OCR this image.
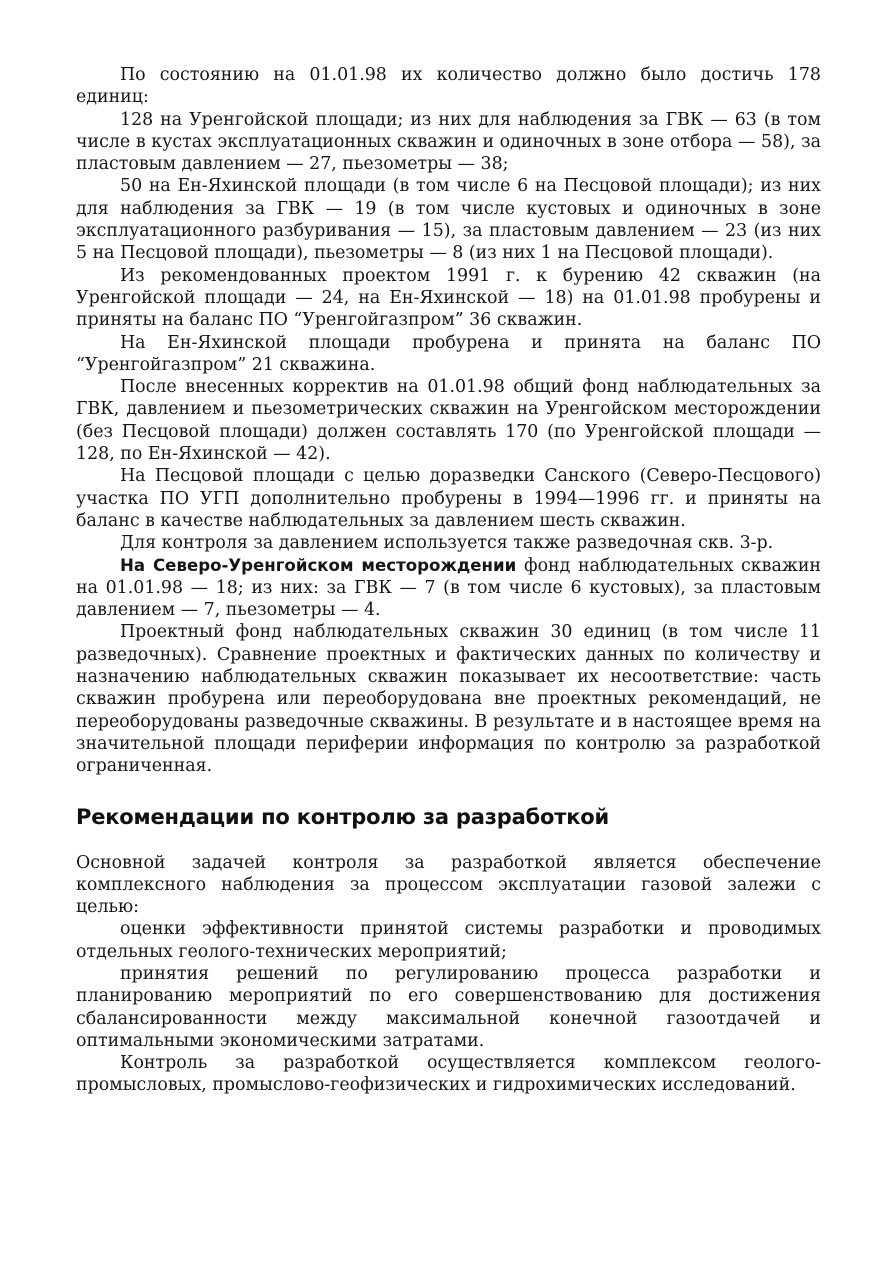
По состоянию на 01.01.98 их количество должно было достичь 178 единиц:

128 на Уренгойской площади; из них для наблюдения за ГВК — 63 (в том числе в кустах эксплуатационных скважин и одиночных в зоне отбора — 58), за пластовым давлением — 27, пьезометры — 38;

50 на Ен-Яхинской площади (в том числе 6 на Песцовой площади); из них для наблюдения за ГВК — 19 (в том числе кустовых и одиночных в зоне эксплуатационного разбуривания — 15), за пластовым давлением — 23 (из них 5 на Песцовой площади), пьезометры — 8 (из них 1 на Песцовой площади).

Из рекомендованных проектом 1991 г. к бурению 42 скважин (на Уренгойской площади — 24, на Ен-Яхинской — 18) на 01.01.98 пробурены и приняты на баланс ПО “Уренгойгазпром” 36 скважин.

На Ен-Яхинской площади пробурена и принята на баланс ПО “Уренгойгазпром” 21 скважина.

После внесенных корректив на 01.01.98 общий фонд наблюдательных за ГВК, давлением и пьезометрических скважин на Уренгойском месторождении (без Песцовой площади) должен составлять 170 (по Уренгойской площади — 128, по Ен-Яхинской — 42).

На Песцовой площади с целью доразведки Санского (Северо-Песцового) участка ПО УГП дополнительно пробурены в 1994—1996 гг. и приняты на баланс в качестве наблюдательных за давлением шесть скважин.

Для контроля за давлением используется также разведочная скв. 3-р.

На Северо-Уренгойском месторождении фонд наблюдательных скважин на 01.01.98 — 18; из них: за ГВК — 7 (в том числе 6 кустовых), за пластовым давлением — 7, пьезометры — 4.

Проектный фонд наблюдательных скважин 30 единиц (в том числе 11 разведочных). Сравнение проектных и фактических данных по количеству и назначению наблюдательных скважин показывает их несоответствие: часть скважин пробурена или переоборудована вне проектных рекомендаций, не переоборудованы разведочные скважины. В результате и в настоящее время на значительной площади периферии информация по контролю за разработкой ограниченная.

Рекомендации по контролю за разработкой

Основной задачей контроля за разработкой является обеспечение комплексного наблюдения за процессом эксплуатации газовой залежи с целью:

оценки эффективности принятой системы разработки и проводимых отдельных геолого-технических мероприятий;

принятия решений по регулированию процесса разработки и планированию мероприятий по его совершенствованию для достижения сбалансированности между максимальной конечной газоотдачей и оптимальными экономическими затратами.

Контроль за разработкой осуществляется комплексом геолого-промысловых, промыслово-геофизических и гидрохимических исследований.
